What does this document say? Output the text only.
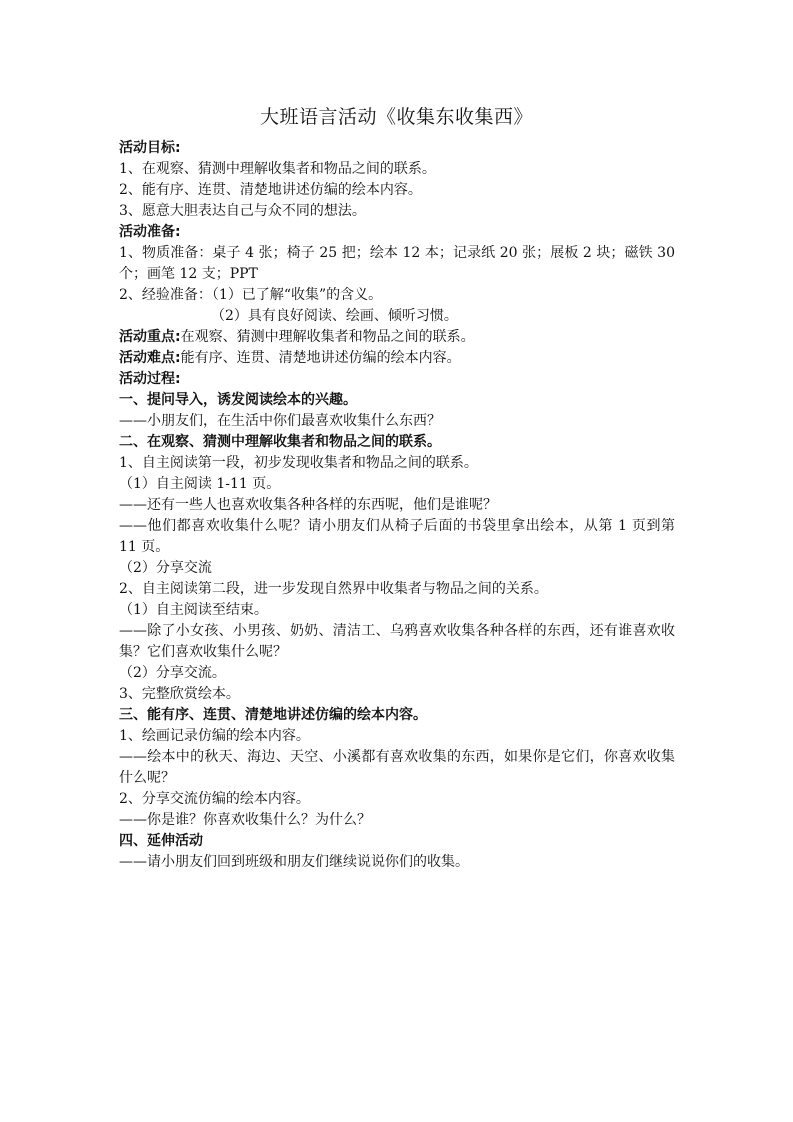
大班语言活动《收集东收集西》
活动目标:
1、在观察、猜测中理解收集者和物品之间的联系。
2、能有序、连贯、清楚地讲述仿编的绘本内容。
3、愿意大胆表达自己与众不同的想法。
活动准备:
1、物质准备：桌子 4 张；椅子 25 把；绘本 12 本；记录纸 20 张；展板 2 块；磁铁 30 个；画笔 12 支；PPT
2、经验准备：（1）已了解“收集”的含义。
（2）具有良好阅读、绘画、倾听习惯。
活动重点:在观察、猜测中理解收集者和物品之间的联系。
活动难点:能有序、连贯、清楚地讲述仿编的绘本内容。
活动过程:
一、提问导入，诱发阅读绘本的兴趣。
——小朋友们，在生活中你们最喜欢收集什么东西？
二、在观察、猜测中理解收集者和物品之间的联系。
1、自主阅读第一段，初步发现收集者和物品之间的联系。
（1）自主阅读 1-11 页。
——还有一些人也喜欢收集各种各样的东西呢，他们是谁呢？
——他们都喜欢收集什么呢？请小朋友们从椅子后面的书袋里拿出绘本，从第 1 页到第 11 页。
（2）分享交流
2、自主阅读第二段，进一步发现自然界中收集者与物品之间的关系。
（1）自主阅读至结束。
——除了小女孩、小男孩、奶奶、清洁工、乌鸦喜欢收集各种各样的东西，还有谁喜欢收集？它们喜欢收集什么呢？
（2）分享交流。
3、完整欣赏绘本。
三、能有序、连贯、清楚地讲述仿编的绘本内容。
1、绘画记录仿编的绘本内容。
——绘本中的秋天、海边、天空、小溪都有喜欢收集的东西，如果你是它们，你喜欢收集什么呢？
2、分享交流仿编的绘本内容。
——你是谁？你喜欢收集什么？为什么？
四、延伸活动
——请小朋友们回到班级和朋友们继续说说你们的收集。
